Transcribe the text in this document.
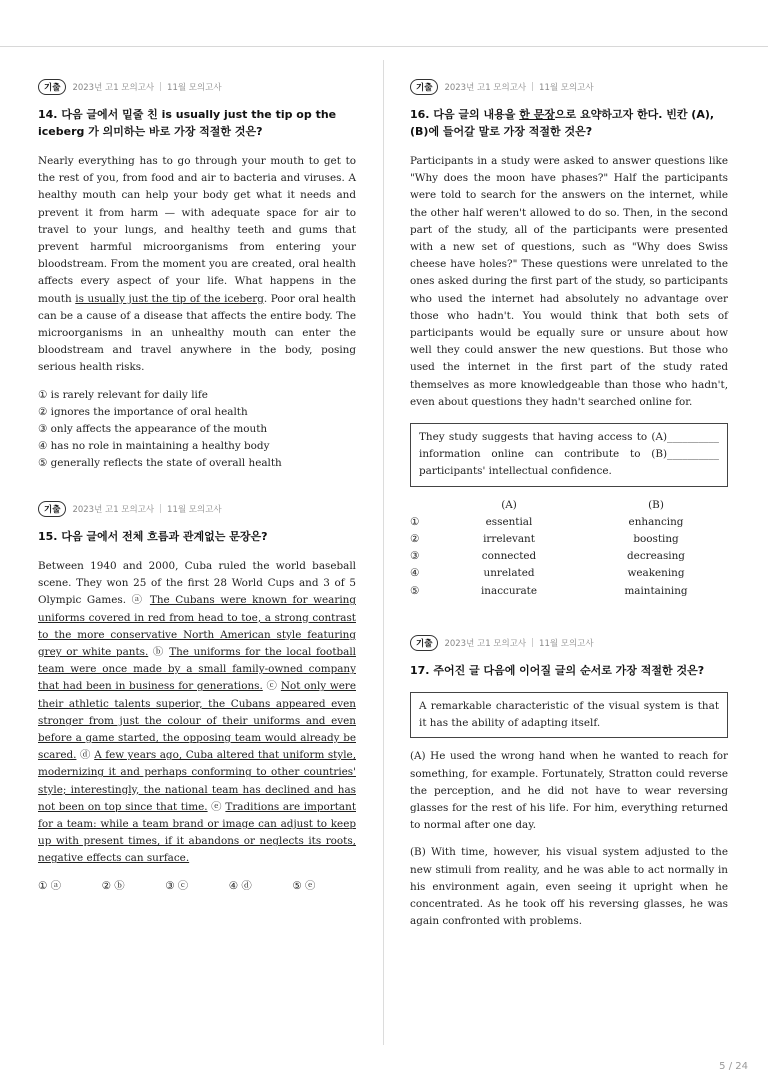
기출	2023년 고1 모의고사 | 11월 모의고사
14. 다음 글에서 밑줄 친 is usually just the tip op the iceberg 가 의미하는 바로 가장 적절한 것은?

Nearly everything has to go through your mouth to get to the rest of you, from food and air to bacteria and viruses. A healthy mouth can help your body get what it needs and prevent it from harm — with adequate space for air to travel to your lungs, and healthy teeth and gums that prevent harmful microorganisms from entering your bloodstream. From the moment you are created, oral health affects every aspect of your life. What happens in the mouth is usually just the tip of the iceberg. Poor oral health can be a cause of a disease that affects the entire body. The microorganisms in an unhealthy mouth can enter the bloodstream and travel anywhere in the body, posing serious health risks.

① is rarely relevant for daily life
② ignores the importance of oral health
③ only affects the appearance of the mouth
④ has no role in maintaining a healthy body
⑤ generally reflects the state of overall health
기출	2023년 고1 모의고사 | 11월 모의고사
15. 다음 글에서 전체 흐름과 관계없는 문장은?

Between 1940 and 2000, Cuba ruled the world baseball scene. They won 25 of the first 28 World Cups and 3 of 5 Olympic Games. ⓐ The Cubans were known for wearing uniforms covered in red from head to toe, a strong contrast to the more conservative North American style featuring grey or white pants. ⓑ The uniforms for the local football team were once made by a small family-owned company that had been in business for generations. ⓒ Not only were their athletic talents superior, the Cubans appeared even stronger from just the colour of their uniforms and even before a game started, the opposing team would already be scared. ⓓ A few years ago, Cuba altered that uniform style, modernizing it and perhaps conforming to other countries' style; interestingly, the national team has declined and has not been on top since that time. ⓔ Traditions are important for a team: while a team brand or image can adjust to keep up with present times, if it abandons or neglects its roots, negative effects can surface.

① ⓐ	② ⓑ	③ ⓒ	④ ⓓ	⑤ ⓔ
기출	2023년 고1 모의고사 | 11월 모의고사
16. 다음 글의 내용을 한 문장으로 요약하고자 한다. 빈칸 (A), (B)에 들어갈 말로 가장 적절한 것은?

Participants in a study were asked to answer questions like "Why does the moon have phases?" Half the participants were told to search for the answers on the internet, while the other half weren't allowed to do so. Then, in the second part of the study, all of the participants were presented with a new set of questions, such as "Why does Swiss cheese have holes?" These questions were unrelated to the ones asked during the first part of the study, so participants who used the internet had absolutely no advantage over those who hadn't. You would think that both sets of participants would be equally sure or unsure about how well they could answer the new questions. But those who used the internet in the first part of the study rated themselves as more knowledgeable than those who hadn't, even about questions they hadn't searched online for.

They study suggests that having access to (A)__________ information online can contribute to (B)__________ participants' intellectual confidence.
(A)	(B)
①	essential	enhancing
②	irrelevant	boosting
③	connected	decreasing
④	unrelated	weakening
⑤	inaccurate	maintaining
기출	2023년 고1 모의고사 | 11월 모의고사
17. 주어진 글 다음에 이어질 글의 순서로 가장 적절한 것은?
A remarkable characteristic of the visual system is that it has the ability of adapting itself.

(A) He used the wrong hand when he wanted to reach for something, for example. Fortunately, Stratton could reverse the perception, and he did not have to wear reversing glasses for the rest of his life. For him, everything returned to normal after one day.

(B) With time, however, his visual system adjusted to the new stimuli from reality, and he was able to act normally in his environment again, even seeing it upright when he concentrated. As he took off his reversing glasses, he was again confronted with problems.

5 / 24
